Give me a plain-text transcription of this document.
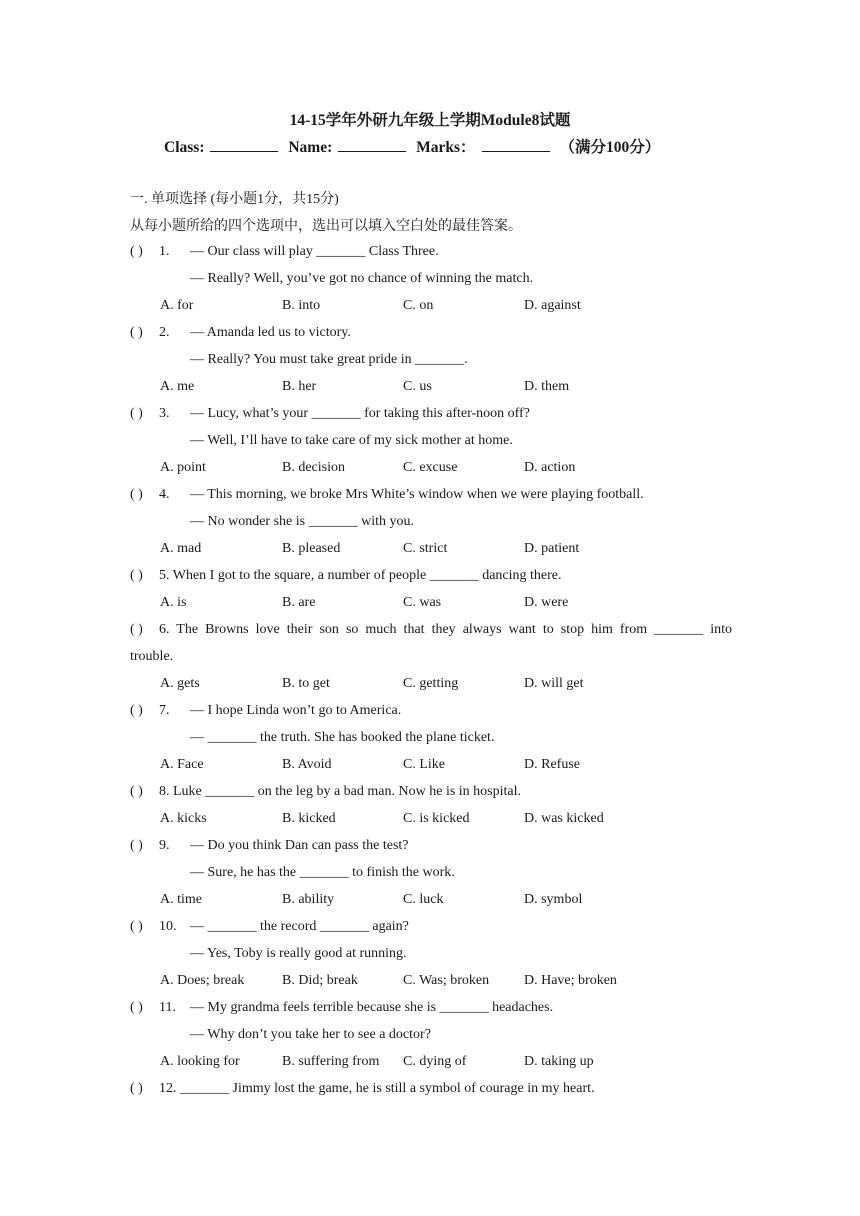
14-15学年外研九年级上学期Module8试题
Class:	Name:	Marks：	（满分100分）
一. 单项选择 (每小题1分，共15分)
从每小题所给的四个选项中，选出可以填入空白处的最佳答案。
( ) 1. — Our class will play _______ Class Three.
— Really? Well, you’ve got no chance of winning the match.
A. for	B. into	C. on	D. against
( ) 2. — Amanda led us to victory.
— Really? You must take great pride in _______.
A. me	B. her	C. us	D. them
( ) 3. — Lucy, what’s your _______ for taking this after-noon off?
— Well, I’ll have to take care of my sick mother at home.
A. point	B. decision	C. excuse	D. action
( ) 4. — This morning, we broke Mrs White’s window when we were playing football.
— No wonder she is _______ with you.
A. mad	B. pleased	C. strict	D. patient
( ) 5. When I got to the square, a number of people _______ dancing there.
A. is	B. are	C. was	D. were
( ) 6. The Browns love their son so much that they always want to stop him from _______ into
trouble.
A. gets	B. to get	C. getting	D. will get
( ) 7. — I hope Linda won’t go to America.
— _______ the truth. She has booked the plane ticket.
A. Face	B. Avoid	C. Like	D. Refuse
( ) 8. Luke _______ on the leg by a bad man. Now he is in hospital.
A. kicks	B. kicked	C. is kicked	D. was kicked
( ) 9. — Do you think Dan can pass the test?
— Sure, he has the _______ to finish the work.
A. time	B. ability	C. luck	D. symbol
( ) 10. — _______ the record _______ again?
— Yes, Toby is really good at running.
A. Does; break	B. Did; break	C. Was; broken D. Have; broken
( ) 11. — My grandma feels terrible because she is _______ headaches.
— Why don’t you take her to see a doctor?
A. looking for	B. suffering from C. dying of	D. taking up
( ) 12. _______ Jimmy lost the game, he is still a symbol of courage in my heart.
